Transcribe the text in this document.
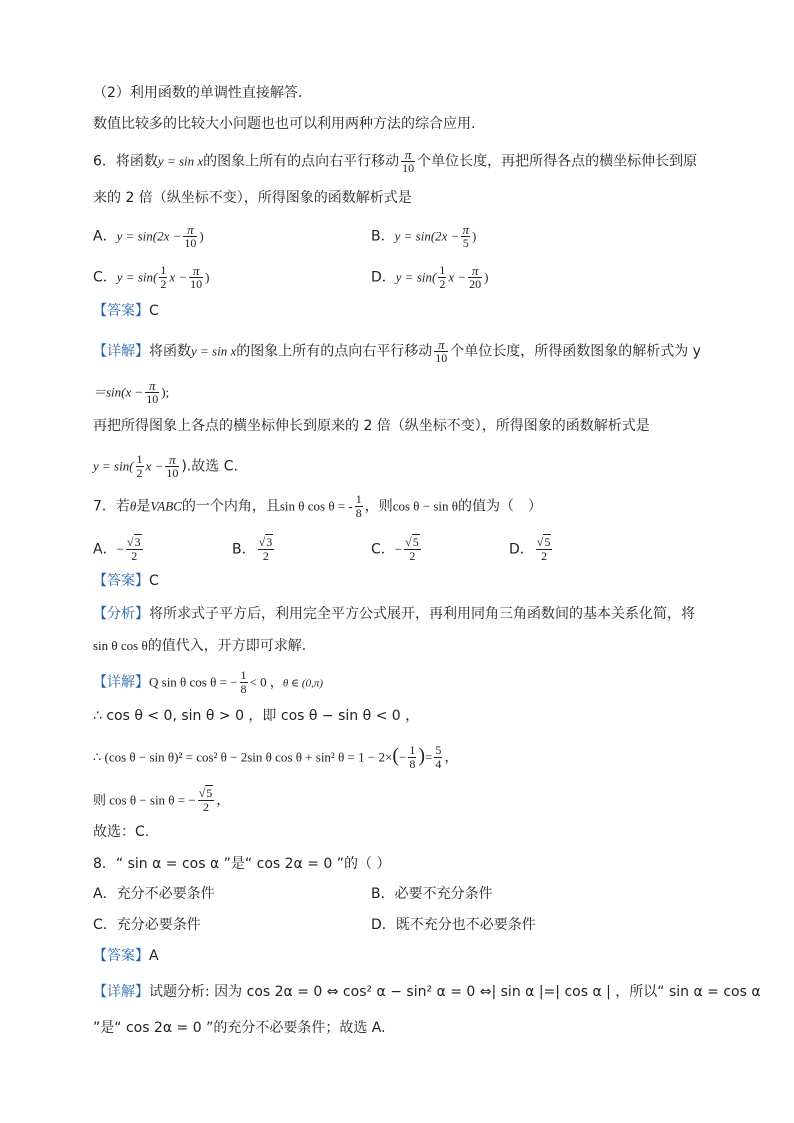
（2）利用函数的单调性直接解答.
数值比较多的比较大小问题也也可以利用两种方法的综合应用.
6．将函数y = sin x的图象上所有的点向右平行移动 $\frac{\pi}{10}$ 个单位长度，再把所得各点的横坐标伸长到原
来的 2 倍（纵坐标不变），所得图象的函数解析式是
A．$y = \sin(2x - \frac{\pi}{10}$ )	B．$y = \sin(2x - \frac{\pi}{5}$ )
C．$y = \sin( \frac{1}{2}$ $x - \frac{\pi}{10}$ )	D．$y = \sin( \frac{1}{2}$ $x - \frac{\pi}{20}$ )
【答案】C
【详解】将函数y = sin x的图象上所有的点向右平行移动 $\frac{\pi}{10}$ 个单位长度，所得函数图象的解析式为 y
$=\sin(x - \frac{\pi}{10}$ );
再把所得图象上各点的横坐标伸长到原来的 2 倍（纵坐标不变），所得图象的函数解析式是
$y = \sin( \frac{1}{2}$ $x - \frac{\pi}{10}$ ).故选 C.
7．若θ是VABC的一个内角，且sin θ cos θ = - $\frac{1}{8}$ ，则cos θ − sin θ的值为（　）
A．− $\frac{√3}{2}$	B． $\frac{√3}{2}$	C．− $\frac{√5}{2}$	D． $\frac{√5}{2}$
【答案】C
【分析】将所求式子平方后，利用完全平方公式展开，再利用同角三角函数间的基本关系化简，将
sin θ cos θ的值代入，开方即可求解.
【详解】Q sin θ cos θ = − $\frac{1}{8} < 0$ ，θ ∈ (0,π)
∴ cos θ < 0, sin θ > 0 ，即 cos θ − sin θ < 0 ，
∴ (cos θ − sin θ)² = cos² θ − 2sin θ cos θ + sin² $\theta = 1 - 2\times(- \frac{1}{8}$ )= $\frac{5}{4}$ ，
则 cos θ − sin θ = − $\frac{√5}{2}$ ，
故选：C.
8．“ sin α = cos α ”是“ cos 2α = 0 ”的（ ）
A．充分不必要条件	B．必要不充分条件
C．充分必要条件	D．既不充分也不必要条件
【答案】A
【详解】试题分析: 因为 cos 2α = 0 ⇔ cos² α − sin² α = 0 ⇔| sin α |=| cos α | ，所以“ sin α = cos α
”是“ cos 2α = 0 ”的充分不必要条件；故选 A.
